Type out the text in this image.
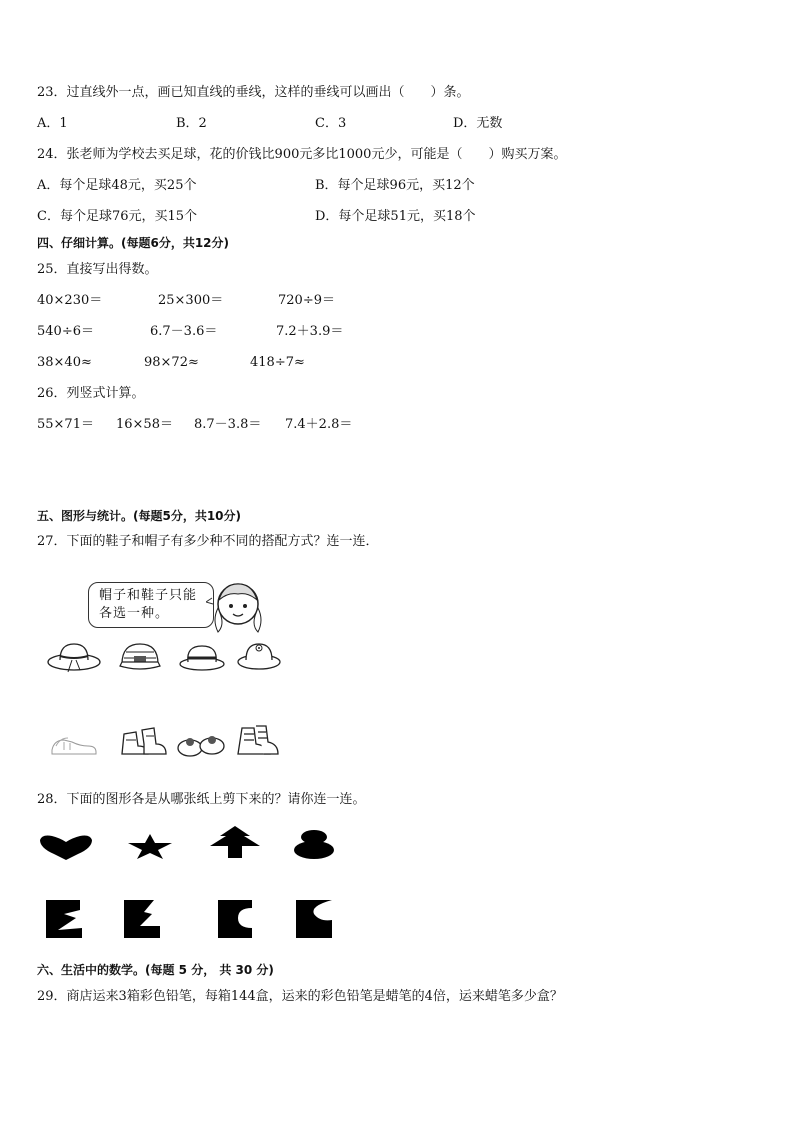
23．过直线外一点，画已知直线的垂线，这样的垂线可以画出（　　）条。
A．1	B．2	C．3	D．无数
24．张老师为学校去买足球，花的价钱比900元多比1000元少，可能是（　　）购买万案。
A．每个足球48元，买25个	B．每个足球96元，买12个
C．每个足球76元，买15个	D．每个足球51元，买18个
四、仔细计算。(每题6分，共12分)
25．直接写出得数。
40×230＝	25×300＝	720÷9＝
540÷6＝	6.7－3.6＝	7.2＋3.9＝
38×40≈	98×72≈	418÷7≈
26．列竖式计算。
55×71＝ 16×58＝ 8.7－3.8＝ 7.4＋2.8＝
五、图形与统计。(每题5分，共10分)
27．下面的鞋子和帽子有多少种不同的搭配方式？连一连．
帽子和鞋子只能各选一种。
28．下面的图形各是从哪张纸上剪下来的？请你连一连。
六、生活中的数学。(每题 5 分， 共 30 分)
29．商店运来3箱彩色铅笔，每箱144盒，运来的彩色铅笔是蜡笔的4倍，运来蜡笔多少盒？
